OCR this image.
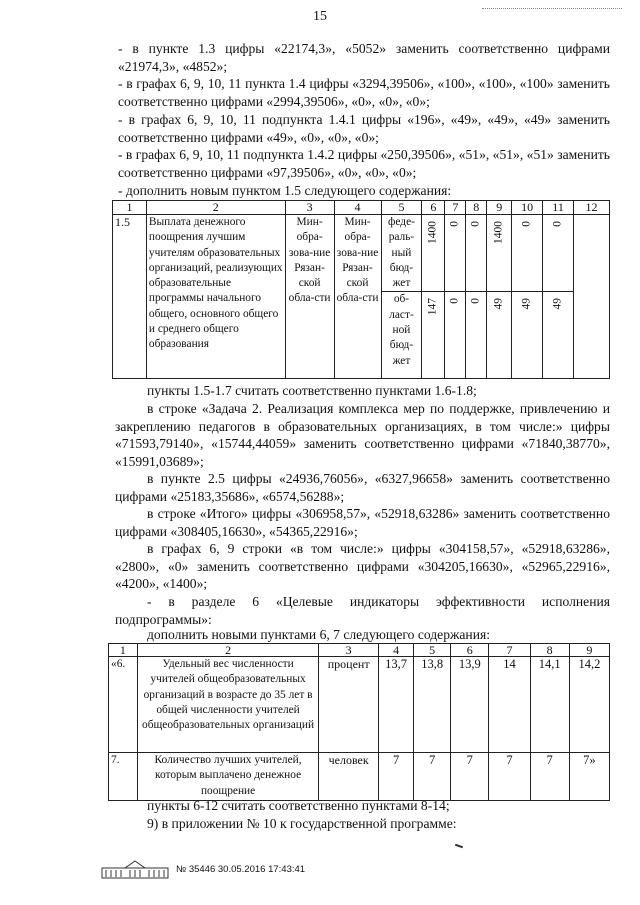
15
- в пункте 1.3 цифры «22174,3», «5052» заменить соответственно цифрами «21974,3», «4852»;
- в графах 6, 9, 10, 11 пункта 1.4 цифры «3294,39506», «100», «100», «100» заменить соответственно цифрами «2994,39506», «0», «0», «0»;
- в графах 6, 9, 10, 11 подпункта 1.4.1 цифры «196», «49», «49», «49» заменить соответственно цифрами «49», «0», «0», «0»;
- в графах 6, 9, 10, 11 подпункта 1.4.2 цифры «250,39506», «51», «51», «51» заменить соответственно цифрами «97,39506», «0», «0», «0»;
- дополнить новым пунктом 1.5 следующего содержания:
1	2	3	4	5	6	7	8	9	10	11	12
1.5	Выплата денежного поощрения лучшим учителям образовательных организаций, реализующих образовательные программы начального общего, основного общего и среднего общего образования	Мин-обра-зова-ние Рязан-ской обла-сти	Мин-обра-зова-ние Рязан-ской обла-сти	феде-раль-ный бюд-жет	1400	0	0	1400	0	0	

				об-ласт-ной бюд-жет	147	0	0	49	49	49	
пункты 1.5-1.7 считать соответственно пунктами 1.6-1.8;
в строке «Задача 2. Реализация комплекса мер по поддержке, привлечению и закреплению педагогов в образовательных организациях, в том числе:» цифры «71593,79140», «15744,44059» заменить соответственно цифрами «71840,38770», «15991,03689»;
в пункте 2.5 цифры «24936,76056», «6327,96658» заменить соответственно цифрами «25183,35686», «6574,56288»;
в строке «Итого» цифры «306958,57», «52918,63286» заменить соответственно цифрами «308405,16630», «54365,22916»;
в графах 6, 9 строки «в том числе:» цифры «304158,57», «52918,63286», «2800», «0» заменить соответственно цифрами «304205,16630», «52965,22916», «4200», «1400»;
- в разделе 6 «Целевые индикаторы эффективности исполнения подпрограммы»:
дополнить новыми пунктами 6, 7 следующего содержания:
1	2	3	4	5	6	7	8	9
«6.	Удельный вес численности учителей общеобразовательных организаций в возрасте до 35 лет в общей численности учителей общеобразовательных организаций	процент	13,7	13,8	13,9	14	14,1	14,2
7.	Количество лучших учителей, которым выплачено денежное поощрение	человек	7	7	7	7	7	7»
пункты 6-12 считать соответственно пунктами 8-14;
9) в приложении № 10 к государственной программе:
№ 35446 30.05.2016 17:43:41
